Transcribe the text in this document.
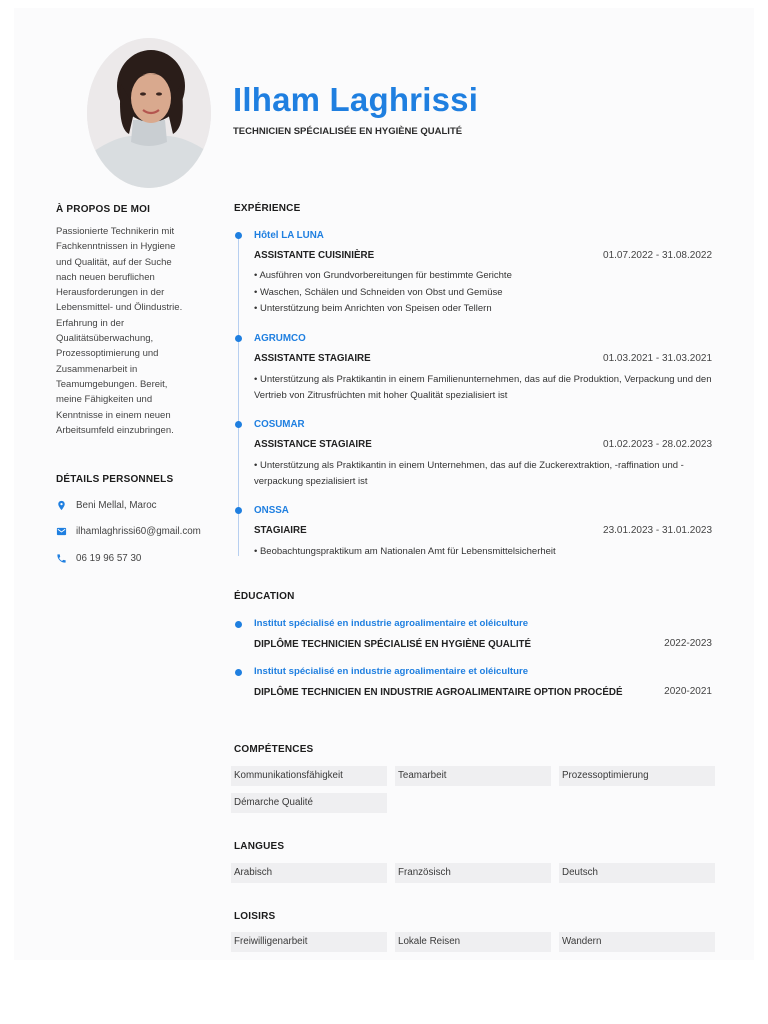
Ilham Laghrissi
TECHNICIEN SPÉCIALISÉE EN HYGIÈNE QUALITÉ
À PROPOS DE MOI
Passionierte Technikerin mit
Fachkenntnissen in Hygiene
und Qualität, auf der Suche
nach neuen beruflichen
Herausforderungen in der
Lebensmittel- und Ölindustrie.
Erfahrung in der
Qualitätsüberwachung,
Prozessoptimierung und
Zusammenarbeit in
Teamumgebungen. Bereit,
meine Fähigkeiten und
Kenntnisse in einem neuen
Arbeitsumfeld einzubringen.
DÉTAILS PERSONNELS
Beni Mellal, Maroc
ilhamlaghrissi60@gmail.com
06 19 96 57 30
EXPÉRIENCE
Hôtel LA LUNA
ASSISTANTE CUISINIÈRE	01.07.2022 - 31.08.2022
• Ausführen von Grundvorbereitungen für bestimmte Gerichte
• Waschen, Schälen und Schneiden von Obst und Gemüse
• Unterstützung beim Anrichten von Speisen oder Tellern
AGRUMCO
ASSISTANTE STAGIAIRE	01.03.2021 - 31.03.2021
• Unterstützung als Praktikantin in einem Familienunternehmen, das auf die Produktion, Verpackung und den Vertrieb von Zitrusfrüchten mit hoher Qualität spezialisiert ist
COSUMAR
ASSISTANCE STAGIAIRE	01.02.2023 - 28.02.2023
• Unterstützung als Praktikantin in einem Unternehmen, das auf die Zuckerextraktion, -raffination und -verpackung spezialisiert ist
ONSSA
STAGIAIRE	23.01.2023 - 31.01.2023
• Beobachtungspraktikum am Nationalen Amt für Lebensmittelsicherheit
ÉDUCATION
Institut spécialisé en industrie agroalimentaire et oléiculture
DIPLÔME TECHNICIEN SPÉCIALISÉ EN HYGIÈNE QUALITÉ	2022-2023
Institut spécialisé en industrie agroalimentaire et oléiculture
DIPLÔME TECHNICIEN EN INDUSTRIE AGROALIMENTAIRE OPTION PROCÉDÉ	2020-2021
COMPÉTENCES
Kommunikationsfähigkeit	Teamarbeit	Prozessoptimierung
Démarche Qualité
LANGUES
Arabisch	Französisch	Deutsch
LOISIRS
Freiwilligenarbeit	Lokale Reisen	Wandern
